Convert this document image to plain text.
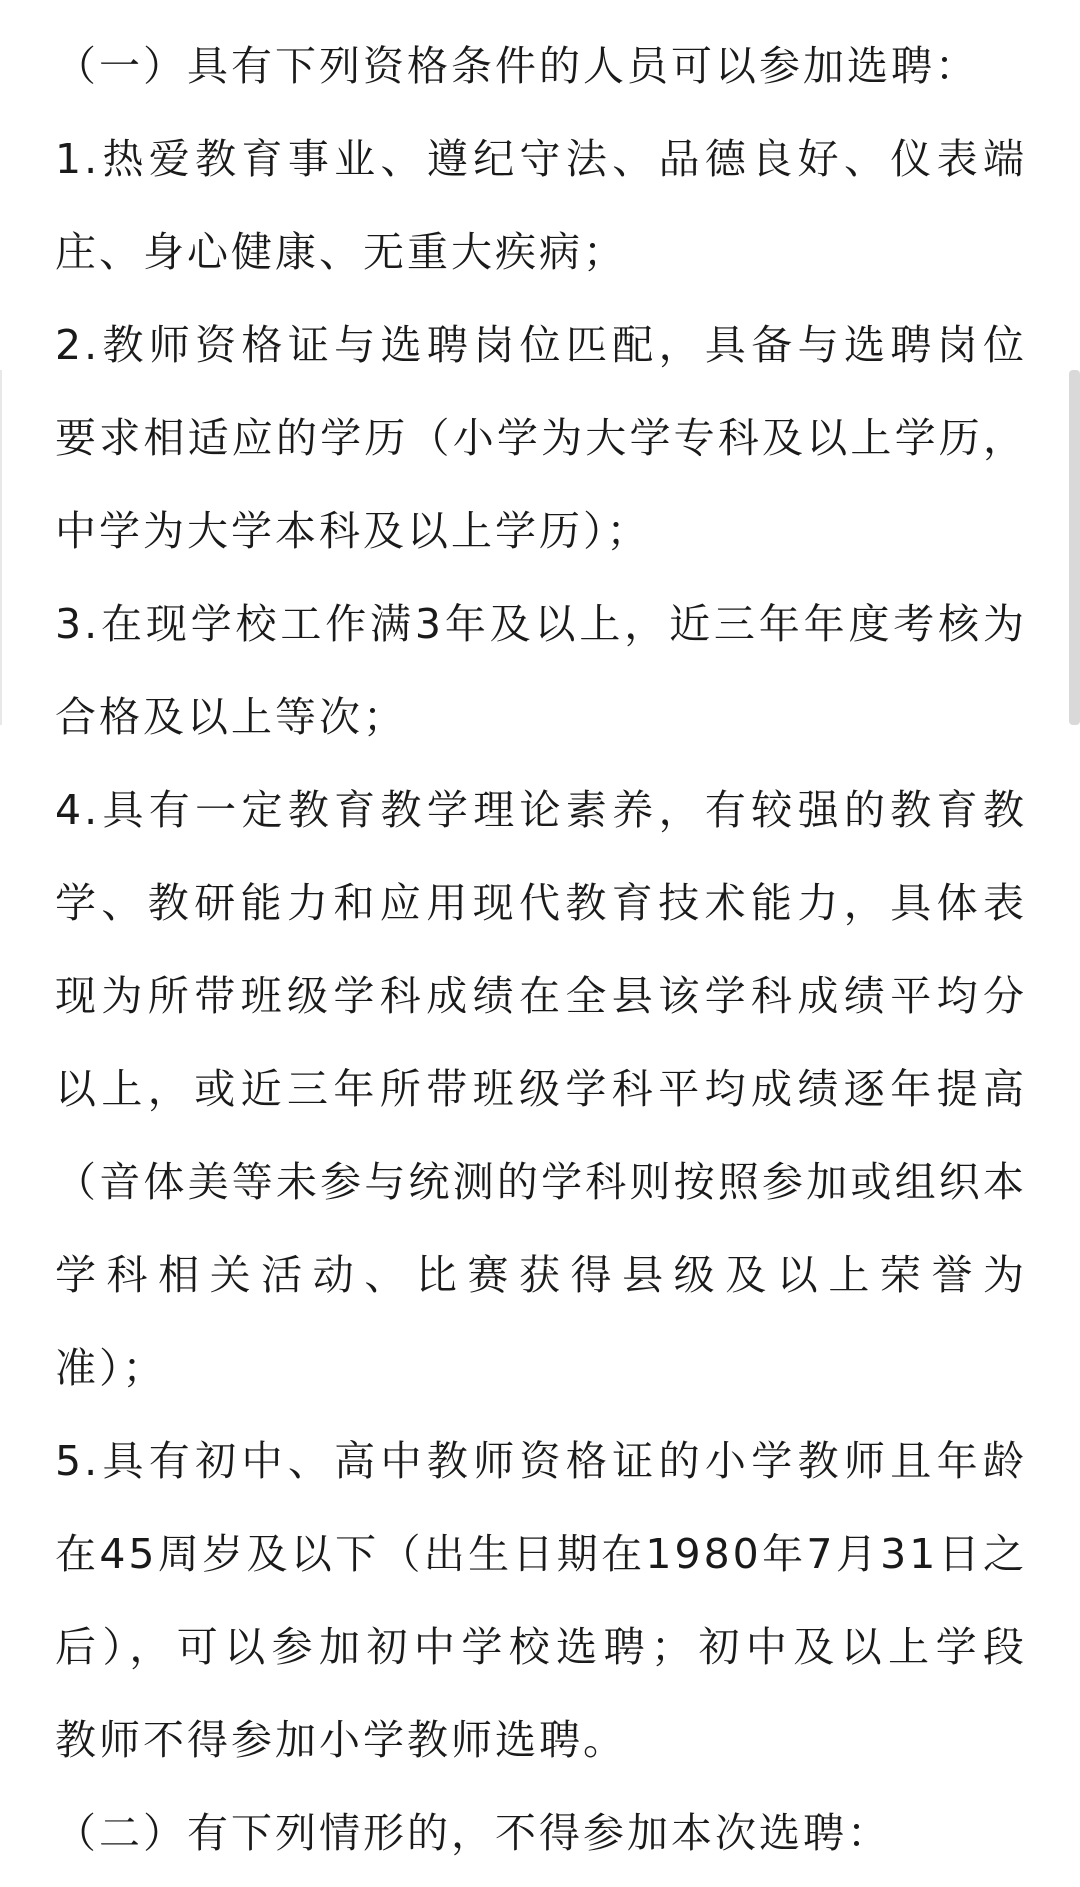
（一）具有下列资格条件的人员可以参加选聘：
1.热爱教育事业、遵纪守法、品德良好、仪表端
庄、身心健康、无重大疾病；
2.教师资格证与选聘岗位匹配，具备与选聘岗位
要求相适应的学历（小学为大学专科及以上学历，
中学为大学本科及以上学历）；
3.在现学校工作满3年及以上，近三年年度考核为
合格及以上等次；
4.具有一定教育教学理论素养，有较强的教育教
学、教研能力和应用现代教育技术能力，具体表
现为所带班级学科成绩在全县该学科成绩平均分
以上，或近三年所带班级学科平均成绩逐年提高
（音体美等未参与统测的学科则按照参加或组织本
学科相关活动、比赛获得县级及以上荣誉为
准）；
5.具有初中、高中教师资格证的小学教师且年龄
在45周岁及以下（出生日期在1980年7月31日之
后），可以参加初中学校选聘；初中及以上学段
教师不得参加小学教师选聘。
（二）有下列情形的，不得参加本次选聘：
